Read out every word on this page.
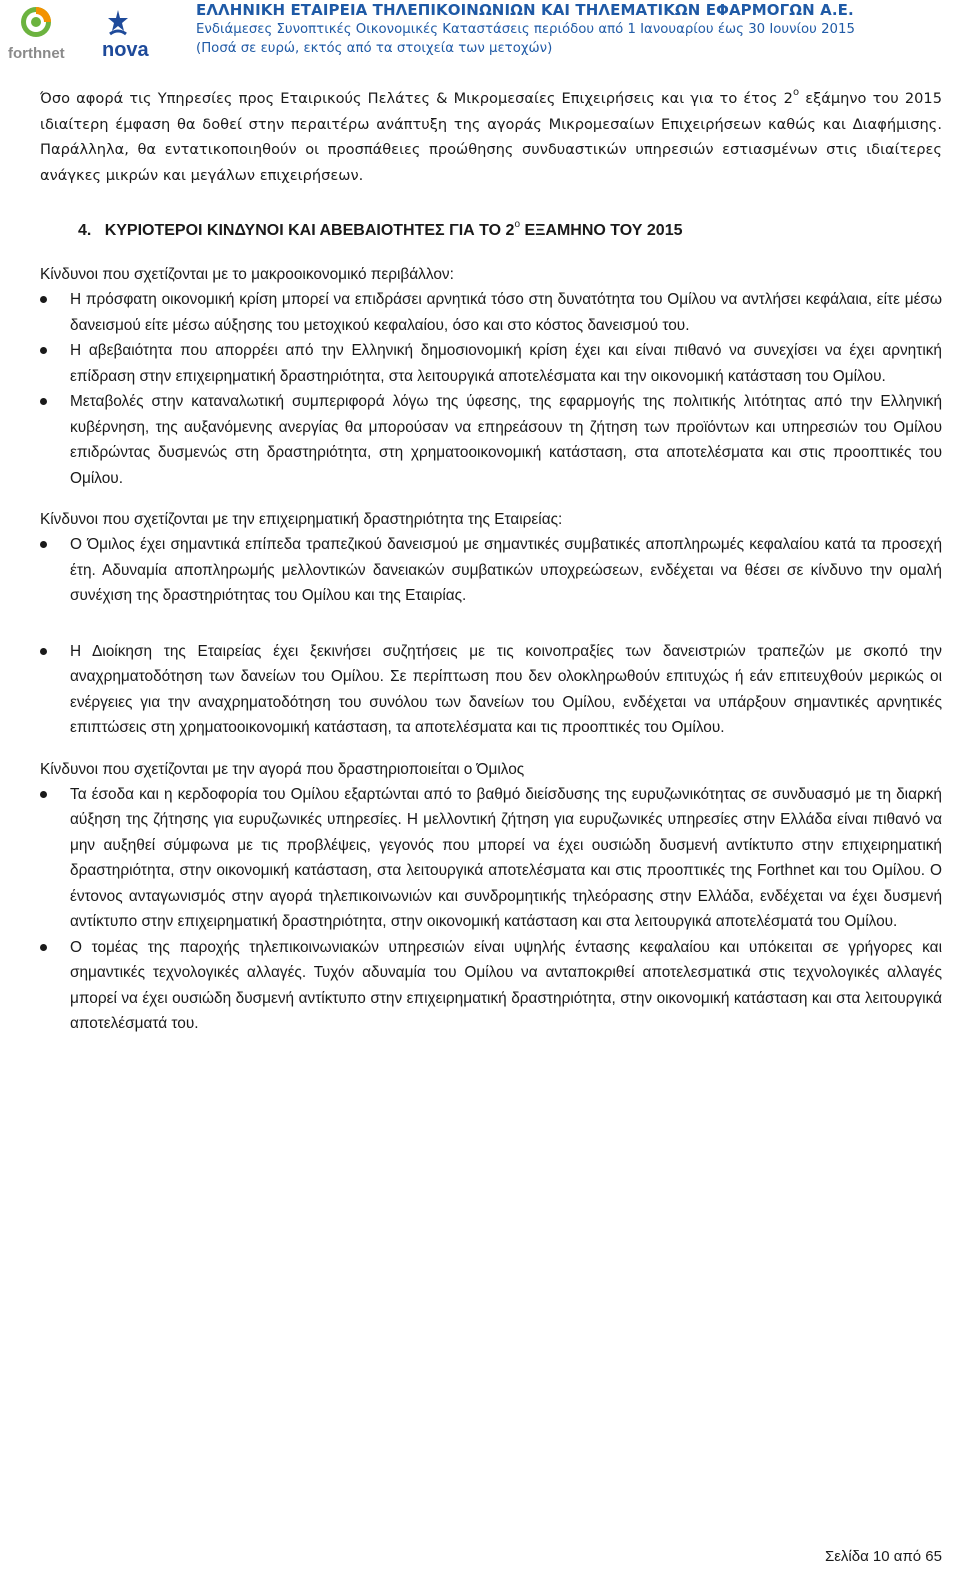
forthnet nova
ΕΛΛΗΝΙΚΗ ΕΤΑΙΡΕΙΑ ΤΗΛΕΠΙΚΟΙΝΩΝΙΩΝ ΚΑΙ ΤΗΛΕΜΑΤΙΚΩΝ ΕΦΑΡΜΟΓΩΝ Α.Ε.
Ενδιάμεσες Συνοπτικές Οικονομικές Καταστάσεις περιόδου από 1 Ιανουαρίου έως 30 Ιουνίου 2015
(Ποσά σε ευρώ, εκτός από τα στοιχεία των μετοχών)

Όσο αφορά τις Υπηρεσίες προς Εταιρικούς Πελάτες & Μικρομεσαίες Επιχειρήσεις και για το έτος $2^o$ εξάμηνο του 2015 ιδιαίτερη έμφαση θα δοθεί στην περαιτέρω ανάπτυξη της αγοράς Μικρομεσαίων Επιχειρήσεων καθώς και Διαφήμισης. Παράλληλα, θα εντατικοποιηθούν οι προσπάθειες προώθησης συνδυαστικών υπηρεσιών εστιασμένων στις ιδιαίτερες ανάγκες μικρών και μεγάλων επιχειρήσεων.

4. ΚΥΡΙΟΤΕΡΟΙ ΚΙΝΔΥΝΟΙ ΚΑΙ ΑΒΕΒΑΙΟΤΗΤΕΣ ΓΙΑ ΤΟ $2^o$ ΕΞΑΜΗΝΟ ΤΟΥ 2015

Κίνδυνοι που σχετίζονται με το μακροοικονομικό περιβάλλον:

Η πρόσφατη οικονομική κρίση μπορεί να επιδράσει αρνητικά τόσο στη δυνατότητα του Ομίλου να αντλήσει κεφάλαια, είτε μέσω δανεισμού είτε μέσω αύξησης του μετοχικού κεφαλαίου, όσο και στο κόστος δανεισμού του.
Η αβεβαιότητα που απορρέει από την Ελληνική δημοσιονομική κρίση έχει και είναι πιθανό να συνεχίσει να έχει αρνητική επίδραση στην επιχειρηματική δραστηριότητα, στα λειτουργικά αποτελέσματα και την οικονομική κατάσταση του Ομίλου.
Μεταβολές στην καταναλωτική συμπεριφορά λόγω της ύφεσης, της εφαρμογής της πολιτικής λιτότητας από την Ελληνική κυβέρνηση, της αυξανόμενης ανεργίας θα μπορούσαν να επηρεάσουν τη ζήτηση των προϊόντων και υπηρεσιών του Ομίλου επιδρώντας δυσμενώς στη δραστηριότητα, στη χρηματοοικονομική κατάσταση, στα αποτελέσματα και στις προοπτικές του Ομίλου.

Κίνδυνοι που σχετίζονται με την επιχειρηματική δραστηριότητα της Εταιρείας:

Ο Όμιλος έχει σημαντικά επίπεδα τραπεζικού δανεισμού με σημαντικές συμβατικές αποπληρωμές κεφαλαίου κατά τα προσεχή έτη. Αδυναμία αποπληρωμής μελλοντικών δανειακών συμβατικών υποχρεώσεων, ενδέχεται να θέσει σε κίνδυνο την ομαλή συνέχιση της δραστηριότητας του Ομίλου και της Εταιρίας.
Η Διοίκηση της Εταιρείας έχει ξεκινήσει συζητήσεις με τις κοινοπραξίες των δανειστριών τραπεζών με σκοπό την αναχρηματοδότηση των δανείων του Ομίλου. Σε περίπτωση που δεν ολοκληρωθούν επιτυχώς ή εάν επιτευχθούν μερικώς οι ενέργειες για την αναχρηματοδότηση του συνόλου των δανείων του Ομίλου, ενδέχεται να υπάρξουν σημαντικές αρνητικές επιπτώσεις στη χρηματοοικονομική κατάσταση, τα αποτελέσματα και τις προοπτικές του Ομίλου.

Κίνδυνοι που σχετίζονται με την αγορά που δραστηριοποιείται ο Όμιλος

Τα έσοδα και η κερδοφορία του Ομίλου εξαρτώνται από το βαθμό διείσδυσης της ευρυζωνικότητας σε συνδυασμό με τη διαρκή αύξηση της ζήτησης για ευρυζωνικές υπηρεσίες. Η μελλοντική ζήτηση για ευρυζωνικές υπηρεσίες στην Ελλάδα είναι πιθανό να μην αυξηθεί σύμφωνα με τις προβλέψεις, γεγονός που μπορεί να έχει ουσιώδη δυσμενή αντίκτυπο στην επιχειρηματική δραστηριότητα, στην οικονομική κατάσταση, στα λειτουργικά αποτελέσματα και στις προοπτικές της Forthnet και του Ομίλου. Ο έντονος ανταγωνισμός στην αγορά τηλεπικοινωνιών και συνδρομητικής τηλεόρασης στην Ελλάδα, ενδέχεται να έχει δυσμενή αντίκτυπο στην επιχειρηματική δραστηριότητα, στην οικονομική κατάσταση και στα λειτουργικά αποτελέσματά του Ομίλου.
Ο τομέας της παροχής τηλεπικοινωνιακών υπηρεσιών είναι υψηλής έντασης κεφαλαίου και υπόκειται σε γρήγορες και σημαντικές τεχνολογικές αλλαγές. Τυχόν αδυναμία του Ομίλου να ανταποκριθεί αποτελεσματικά στις τεχνολογικές αλλαγές μπορεί να έχει ουσιώδη δυσμενή αντίκτυπο στην επιχειρηματική δραστηριότητα, στην οικονομική κατάσταση και στα λειτουργικά αποτελέσματά του.
Σελίδα 10 από 65
